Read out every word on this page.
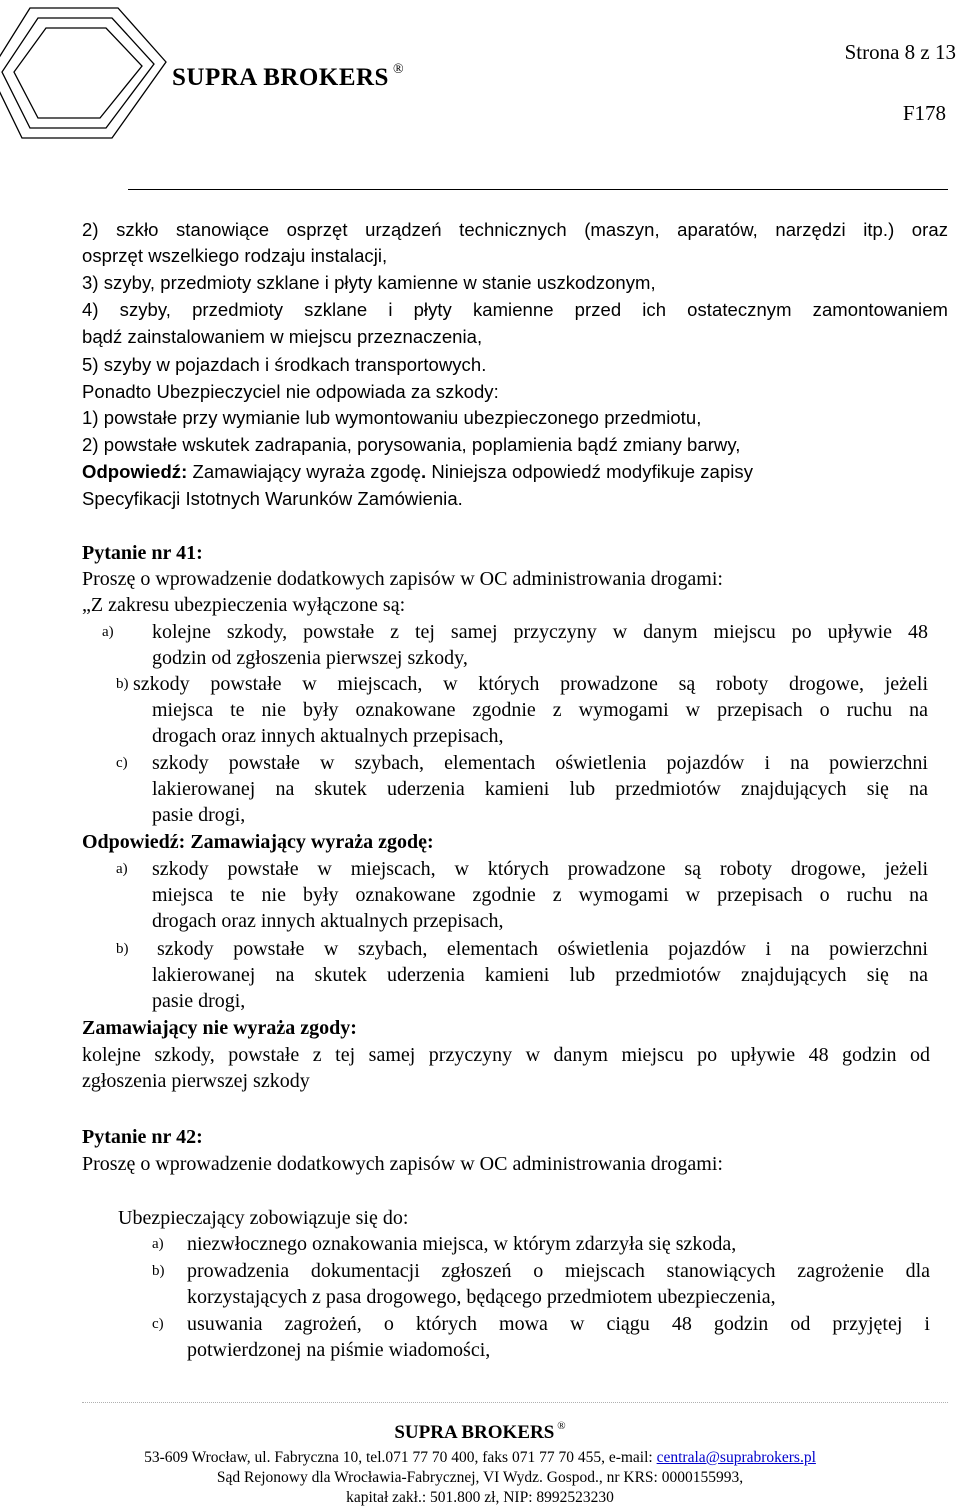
SUPRA BROKERS ®
Strona 8 z 13
F178
2) szkło stanowiące osprzęt urządzeń technicznych (maszyn, aparatów, narzędzi itp.) oraz
osprzęt wszelkiego rodzaju instalacji,
3) szyby, przedmioty szklane i płyty kamienne w stanie uszkodzonym,
4) szyby, przedmioty szklane i płyty kamienne przed ich ostatecznym zamontowaniem
bądź zainstalowaniem w miejscu przeznaczenia,
5) szyby w pojazdach i środkach transportowych.
Ponadto Ubezpieczyciel nie odpowiada za szkody:
1) powstałe przy wymianie lub wymontowaniu ubezpieczonego przedmiotu,
2) powstałe wskutek zadrapania, porysowania, poplamienia bądź zmiany barwy,
Odpowiedź: Zamawiający wyraża zgodę. Niniejsza odpowiedź modyfikuje zapisy
Specyfikacji Istotnych Warunków Zamówienia.
Pytanie nr 41:
Proszę o wprowadzenie dodatkowych zapisów w OC administrowania drogami:
„Z zakresu ubezpieczenia wyłączone są:
a) kolejne szkody, powstałe z tej samej przyczyny w danym miejscu po upływie 48
godzin od zgłoszenia pierwszej szkody,
b) szkody powstałe w miejscach, w których prowadzone są roboty drogowe, jeżeli
miejsca te nie były oznakowane zgodnie z wymogami w przepisach o ruchu na
drogach oraz innych aktualnych przepisach,
c) szkody powstałe w szybach, elementach oświetlenia pojazdów i na powierzchni
lakierowanej na skutek uderzenia kamieni lub przedmiotów znajdujących się na
pasie drogi,
Odpowiedź: Zamawiający wyraża zgodę:
a) szkody powstałe w miejscach, w których prowadzone są roboty drogowe, jeżeli
miejsca te nie były oznakowane zgodnie z wymogami w przepisach o ruchu na
drogach oraz innych aktualnych przepisach,
b) szkody powstałe w szybach, elementach oświetlenia pojazdów i na powierzchni
lakierowanej na skutek uderzenia kamieni lub przedmiotów znajdujących się na
pasie drogi,
Zamawiający nie wyraża zgody:
kolejne szkody, powstałe z tej samej przyczyny w danym miejscu po upływie 48 godzin od
zgłoszenia pierwszej szkody
Pytanie nr 42:
Proszę o wprowadzenie dodatkowych zapisów w OC administrowania drogami:
Ubezpieczający zobowiązuje się do:
a) niezwłocznego oznakowania miejsca, w którym zdarzyła się szkoda,
b) prowadzenia dokumentacji zgłoszeń o miejscach stanowiących zagrożenie dla
korzystających z pasa drogowego, będącego przedmiotem ubezpieczenia,
c) usuwania zagrożeń, o których mowa w ciągu 48 godzin od przyjętej i
potwierdzonej na piśmie wiadomości,
SUPRA BROKERS ®
53-609 Wrocław, ul. Fabryczna 10, tel.071 77 70 400, faks 071 77 70 455, e-mail: centrala@suprabrokers.pl
Sąd Rejonowy dla Wrocławia-Fabrycznej, VI Wydz. Gospod., nr KRS: 0000155993,
kapitał zakł.: 501.800 zł, NIP: 8992523230
